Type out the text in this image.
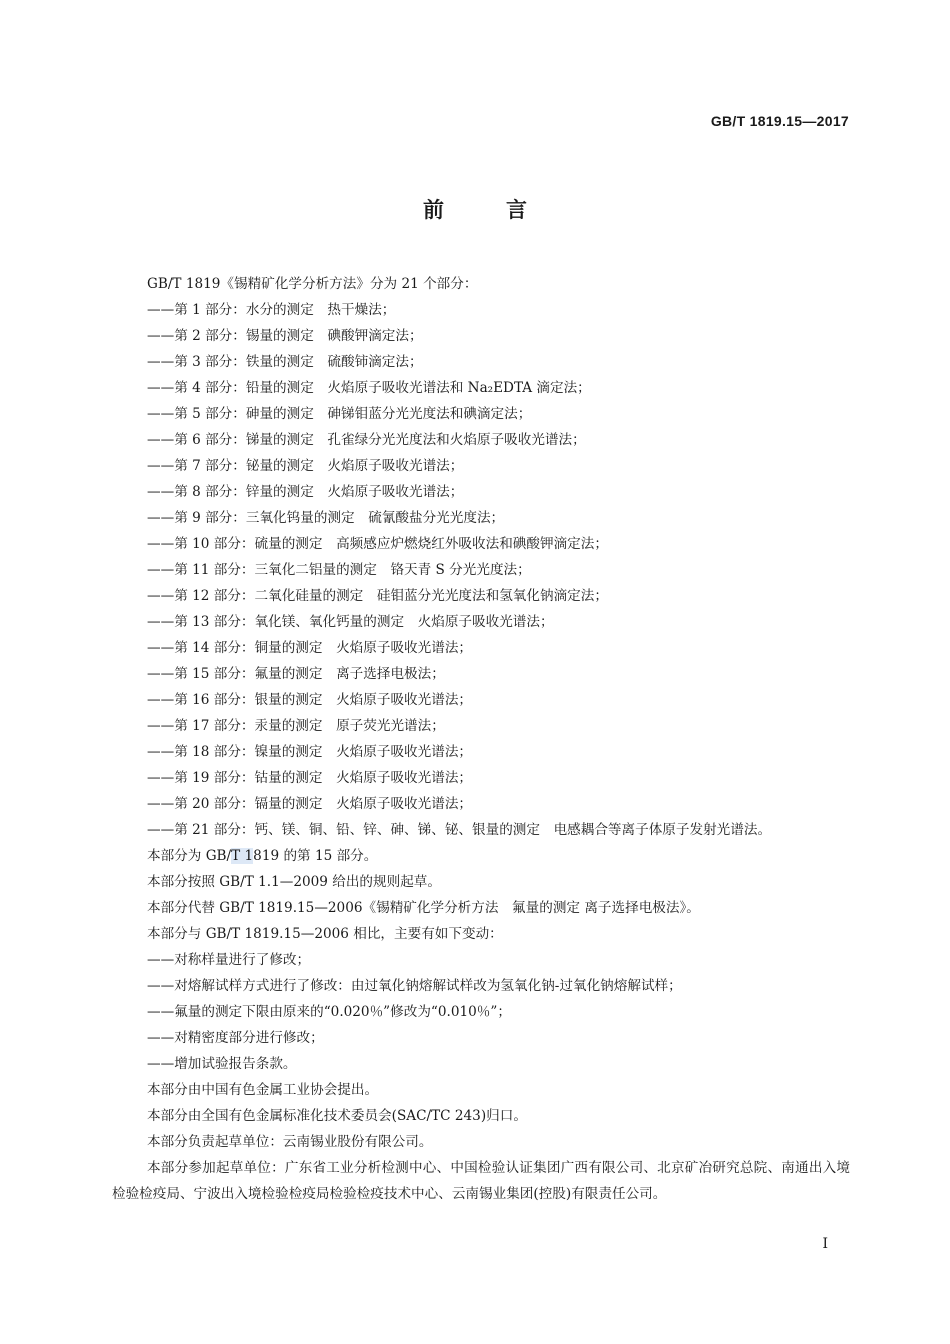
GB/T 1819.15—2017
前言
GB/T 1819《锡精矿化学分析方法》分为 21 个部分：
——第 1 部分：水分的测定　热干燥法；
——第 2 部分：锡量的测定　碘酸钾滴定法；
——第 3 部分：铁量的测定　硫酸铈滴定法；
——第 4 部分：铅量的测定　火焰原子吸收光谱法和 Na₂EDTA 滴定法；
——第 5 部分：砷量的测定　砷锑钼蓝分光光度法和碘滴定法；
——第 6 部分：锑量的测定　孔雀绿分光光度法和火焰原子吸收光谱法；
——第 7 部分：铋量的测定　火焰原子吸收光谱法；
——第 8 部分：锌量的测定　火焰原子吸收光谱法；
——第 9 部分：三氧化钨量的测定　硫氰酸盐分光光度法；
——第 10 部分：硫量的测定　高频感应炉燃烧红外吸收法和碘酸钾滴定法；
——第 11 部分：三氧化二铝量的测定　铬天青 S 分光光度法；
——第 12 部分：二氧化硅量的测定　硅钼蓝分光光度法和氢氧化钠滴定法；
——第 13 部分：氧化镁、氧化钙量的测定　火焰原子吸收光谱法；
——第 14 部分：铜量的测定　火焰原子吸收光谱法；
——第 15 部分：氟量的测定　离子选择电极法；
——第 16 部分：银量的测定　火焰原子吸收光谱法；
——第 17 部分：汞量的测定　原子荧光光谱法；
——第 18 部分：镍量的测定　火焰原子吸收光谱法；
——第 19 部分：钴量的测定　火焰原子吸收光谱法；
——第 20 部分：镉量的测定　火焰原子吸收光谱法；
——第 21 部分：钙、镁、铜、铅、锌、砷、锑、铋、银量的测定　电感耦合等离子体原子发射光谱法。
本部分为 GB/T 1819 的第 15 部分。
本部分按照 GB/T 1.1—2009 给出的规则起草。
本部分代替 GB/T 1819.15—2006《锡精矿化学分析方法　氟量的测定 离子选择电极法》。
本部分与 GB/T 1819.15—2006 相比，主要有如下变动：
——对称样量进行了修改；
——对熔解试样方式进行了修改：由过氧化钠熔解试样改为氢氧化钠-过氧化钠熔解试样；
——氟量的测定下限由原来的“0.020％”修改为“0.010％”；
——对精密度部分进行修改；
——增加试验报告条款。
本部分由中国有色金属工业协会提出。
本部分由全国有色金属标准化技术委员会(SAC/TC 243)归口。
本部分负责起草单位：云南锡业股份有限公司。
本部分参加起草单位：广东省工业分析检测中心、中国检验认证集团广西有限公司、北京矿冶研究总院、南通出入境检验检疫局、宁波出入境检验检疫局检验检疫技术中心、云南锡业集团(控股)有限责任公司。
I
